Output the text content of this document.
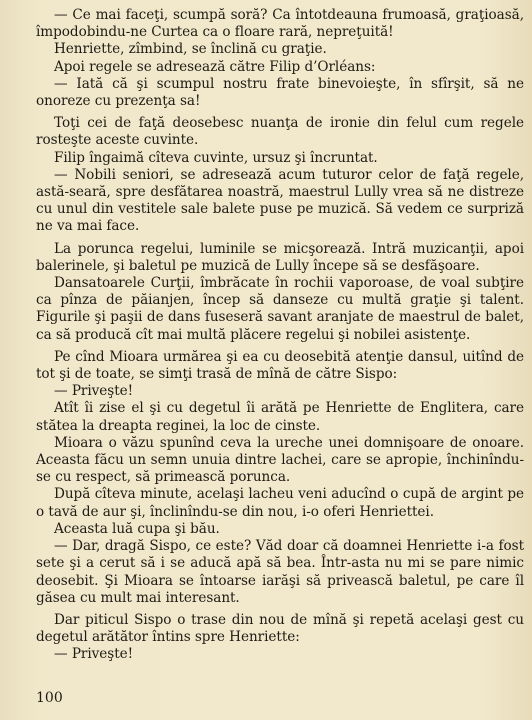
— Ce mai faceţi, scumpă soră? Ca întotdeauna frumoasă, graţioasă, împodobindu-ne Curtea ca o floare rară, nepreţuită!

Henriette, zîmbind, se înclină cu graţie.

Apoi regele se adresează către Filip d’Orléans:

— Iată că şi scumpul nostru frate binevoieşte, în sfîrşit, să ne onoreze cu prezenţa sa!

Toţi cei de faţă deosebesc nuanţa de ironie din felul cum regele rosteşte aceste cuvinte.

Filip îngaimă cîteva cuvinte, ursuz şi încruntat.

— Nobili seniori, se adresează acum tuturor celor de faţă regele, astă-seară, spre desfătarea noastră, maestrul Lully vrea să ne distreze cu unul din vestitele sale balete puse pe muzică. Să vedem ce surpriză ne va mai face.

La porunca regelui, luminile se micşorează. Intră muzicanţii, apoi balerinele, şi baletul pe muzică de Lully începe să se desfăşoare.

Dansatoarele Curţii, îmbrăcate în rochii vaporoase, de voal subţire ca pînza de păianjen, încep să danseze cu multă graţie şi talent. Figurile şi paşii de dans fuseseră savant aranjate de maestrul de balet, ca să producă cît mai multă plăcere regelui şi nobilei asistenţe.

Pe cînd Mioara urmărea şi ea cu deosebită atenţie dansul, uitînd de tot şi de toate, se simţi trasă de mînă de către Sispo:

— Priveşte!

Atît îi zise el şi cu degetul îi arătă pe Henriette de Englitera, care stătea la dreapta reginei, la loc de cinste.

Mioara o văzu spunînd ceva la ureche unei domnişoare de onoare. Aceasta făcu un semn unuia dintre lachei, care se apropie, închinîndu-se cu respect, să primească porunca.

După cîteva minute, acelaşi lacheu veni aducînd o cupă de argint pe o tavă de aur şi, înclinîndu-se din nou, i-o oferi Henriettei.

Aceasta luă cupa şi bău.

— Dar, dragă Sispo, ce este? Văd doar că doamnei Henriette i-a fost sete şi a cerut să i se aducă apă să bea. Într-asta nu mi se pare nimic deosebit. Şi Mioara se întoarse iarăşi să privească baletul, pe care îl găsea cu mult mai interesant.

Dar piticul Sispo o trase din nou de mînă şi repetă acelaşi gest cu degetul arătător întins spre Henriette:

— Priveşte!

100
